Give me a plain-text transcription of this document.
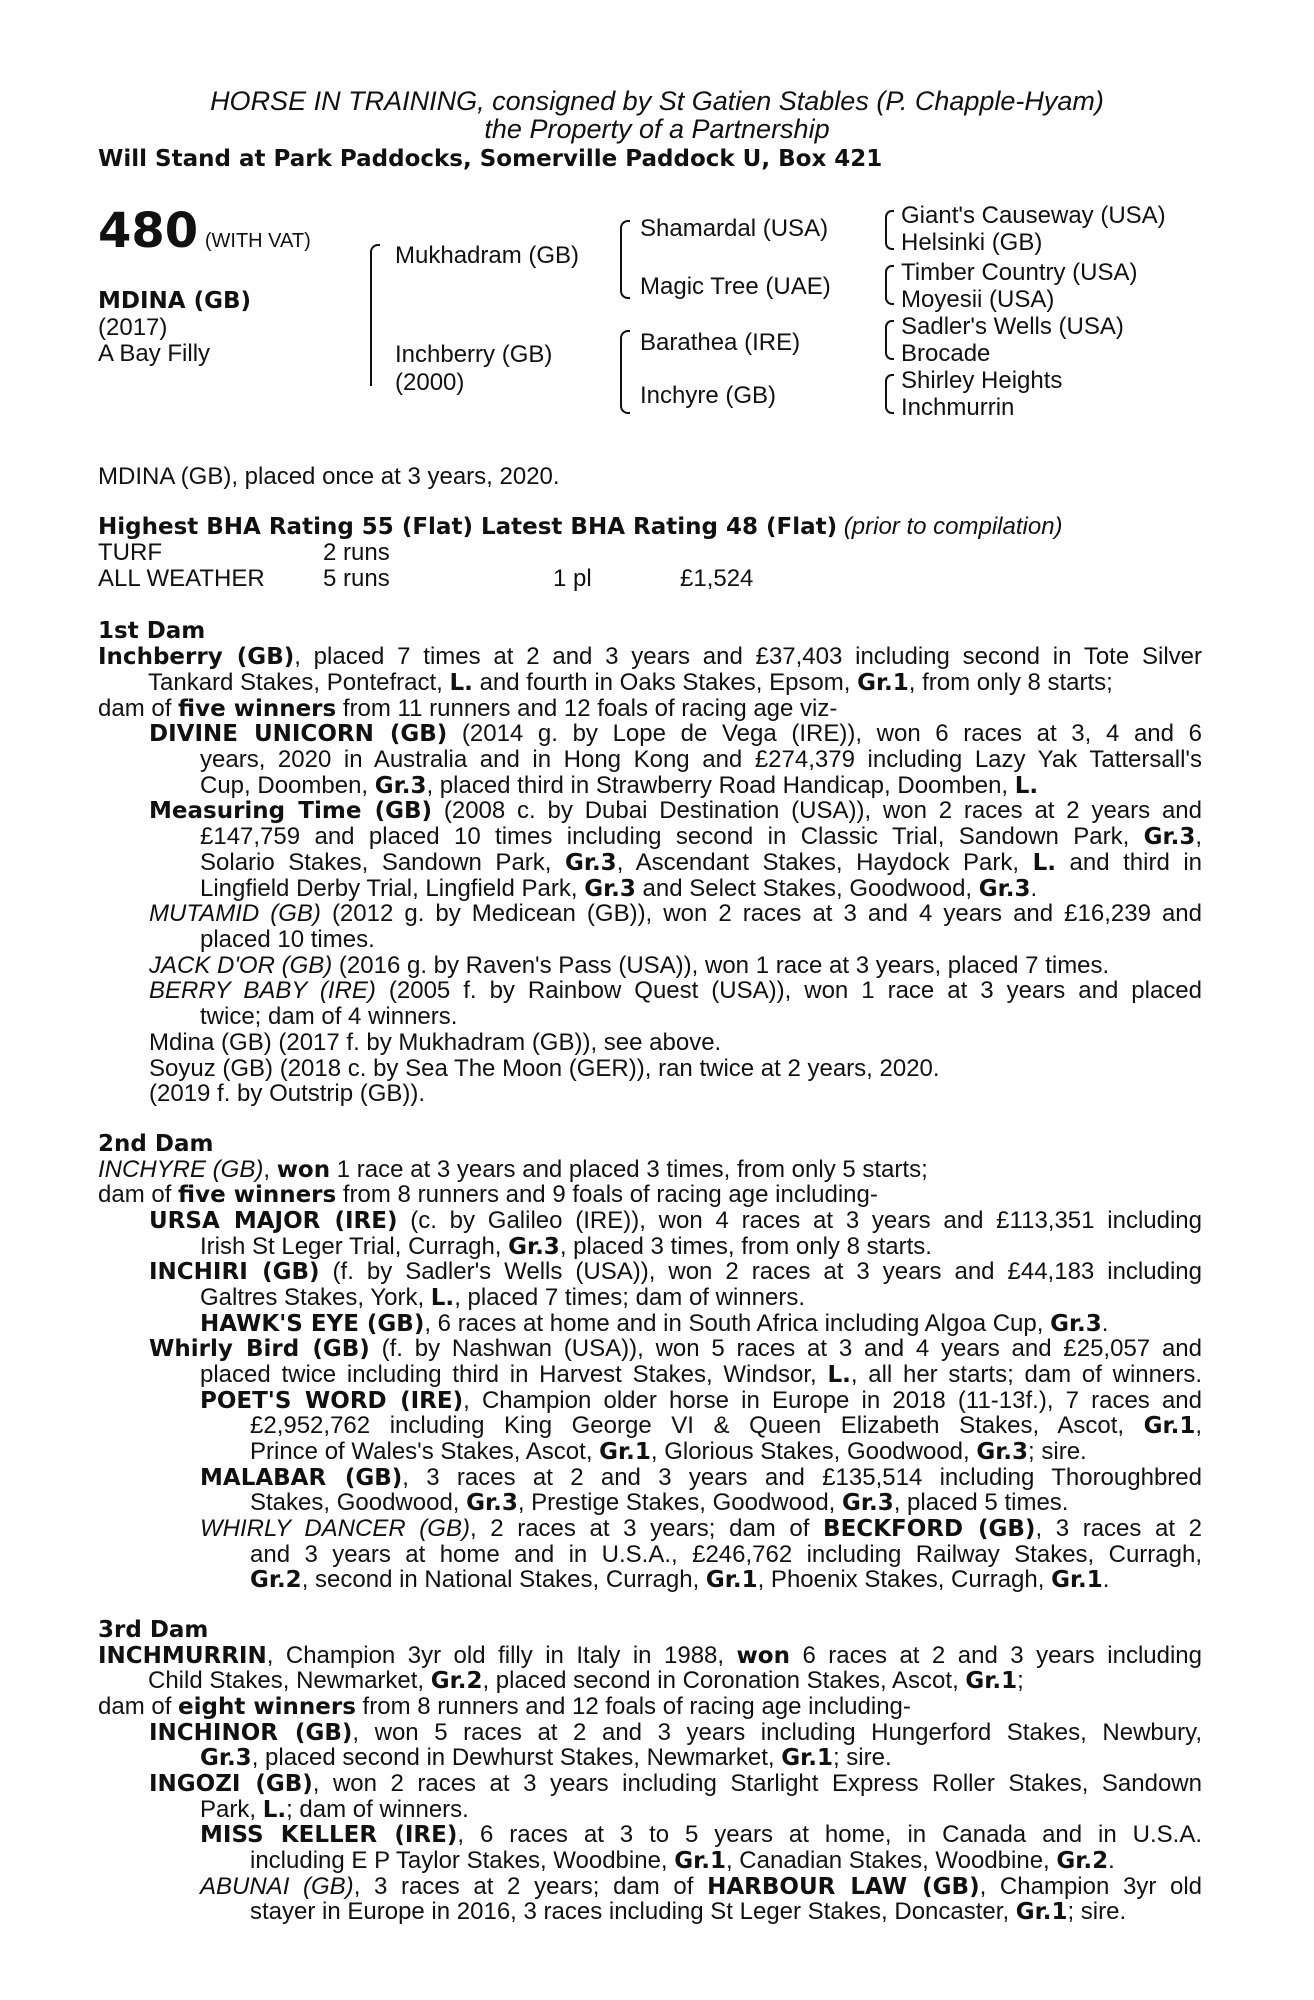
HORSE IN TRAINING, consigned by St Gatien Stables (P. Chapple-Hyam)
the Property of a Partnership
Will Stand at Park Paddocks, Somerville Paddock U, Box 421
480 (WITH VAT)
MDINA (GB)
(2017)
A Bay Filly
Mukhadram (GB)
Inchberry (GB)
(2000)
Shamardal (USA)
Magic Tree (UAE)
Barathea (IRE)
Inchyre (GB)
Giant's Causeway (USA)
Helsinki (GB)
Timber Country (USA)
Moyesii (USA)
Sadler's Wells (USA)
Brocade
Shirley Heights
Inchmurrin
MDINA (GB), placed once at 3 years, 2020.
Highest BHA Rating 55 (Flat) Latest BHA Rating 48 (Flat) (prior to compilation)
TURF	2 runs
ALL WEATHER 5 runs	1 pl	£1,524
1st Dam
Inchberry (GB), placed 7 times at 2 and 3 years and £37,403 including second in Tote Silver
Tankard Stakes, Pontefract, L. and fourth in Oaks Stakes, Epsom, Gr.1, from only 8 starts;
dam of five winners from 11 runners and 12 foals of racing age viz-
DIVINE UNICORN (GB) (2014 g. by Lope de Vega (IRE)), won 6 races at 3, 4 and 6
years, 2020 in Australia and in Hong Kong and £274,379 including Lazy Yak Tattersall's
Cup, Doomben, Gr.3, placed third in Strawberry Road Handicap, Doomben, L.
Measuring Time (GB) (2008 c. by Dubai Destination (USA)), won 2 races at 2 years and
£147,759 and placed 10 times including second in Classic Trial, Sandown Park, Gr.3,
Solario Stakes, Sandown Park, Gr.3, Ascendant Stakes, Haydock Park, L. and third in
Lingfield Derby Trial, Lingfield Park, Gr.3 and Select Stakes, Goodwood, Gr.3.
MUTAMID (GB) (2012 g. by Medicean (GB)), won 2 races at 3 and 4 years and £16,239 and
placed 10 times.
JACK D'OR (GB) (2016 g. by Raven's Pass (USA)), won 1 race at 3 years, placed 7 times.
BERRY BABY (IRE) (2005 f. by Rainbow Quest (USA)), won 1 race at 3 years and placed
twice; dam of 4 winners.
Mdina (GB) (2017 f. by Mukhadram (GB)), see above.
Soyuz (GB) (2018 c. by Sea The Moon (GER)), ran twice at 2 years, 2020.
(2019 f. by Outstrip (GB)).
2nd Dam
INCHYRE (GB), won 1 race at 3 years and placed 3 times, from only 5 starts;
dam of five winners from 8 runners and 9 foals of racing age including-
URSA MAJOR (IRE) (c. by Galileo (IRE)), won 4 races at 3 years and £113,351 including
Irish St Leger Trial, Curragh, Gr.3, placed 3 times, from only 8 starts.
INCHIRI (GB) (f. by Sadler's Wells (USA)), won 2 races at 3 years and £44,183 including
Galtres Stakes, York, L., placed 7 times; dam of winners.
HAWK'S EYE (GB), 6 races at home and in South Africa including Algoa Cup, Gr.3.
Whirly Bird (GB) (f. by Nashwan (USA)), won 5 races at 3 and 4 years and £25,057 and
placed twice including third in Harvest Stakes, Windsor, L., all her starts; dam of winners.
POET'S WORD (IRE), Champion older horse in Europe in 2018 (11-13f.), 7 races and
£2,952,762 including King George VI & Queen Elizabeth Stakes, Ascot, Gr.1,
Prince of Wales's Stakes, Ascot, Gr.1, Glorious Stakes, Goodwood, Gr.3; sire.
MALABAR (GB), 3 races at 2 and 3 years and £135,514 including Thoroughbred
Stakes, Goodwood, Gr.3, Prestige Stakes, Goodwood, Gr.3, placed 5 times.
WHIRLY DANCER (GB), 2 races at 3 years; dam of BECKFORD (GB), 3 races at 2
and 3 years at home and in U.S.A., £246,762 including Railway Stakes, Curragh,
Gr.2, second in National Stakes, Curragh, Gr.1, Phoenix Stakes, Curragh, Gr.1.
3rd Dam
INCHMURRIN, Champion 3yr old filly in Italy in 1988, won 6 races at 2 and 3 years including
Child Stakes, Newmarket, Gr.2, placed second in Coronation Stakes, Ascot, Gr.1;
dam of eight winners from 8 runners and 12 foals of racing age including-
INCHINOR (GB), won 5 races at 2 and 3 years including Hungerford Stakes, Newbury,
Gr.3, placed second in Dewhurst Stakes, Newmarket, Gr.1; sire.
INGOZI (GB), won 2 races at 3 years including Starlight Express Roller Stakes, Sandown
Park, L.; dam of winners.
MISS KELLER (IRE), 6 races at 3 to 5 years at home, in Canada and in U.S.A.
including E P Taylor Stakes, Woodbine, Gr.1, Canadian Stakes, Woodbine, Gr.2.
ABUNAI (GB), 3 races at 2 years; dam of HARBOUR LAW (GB), Champion 3yr old
stayer in Europe in 2016, 3 races including St Leger Stakes, Doncaster, Gr.1; sire.
